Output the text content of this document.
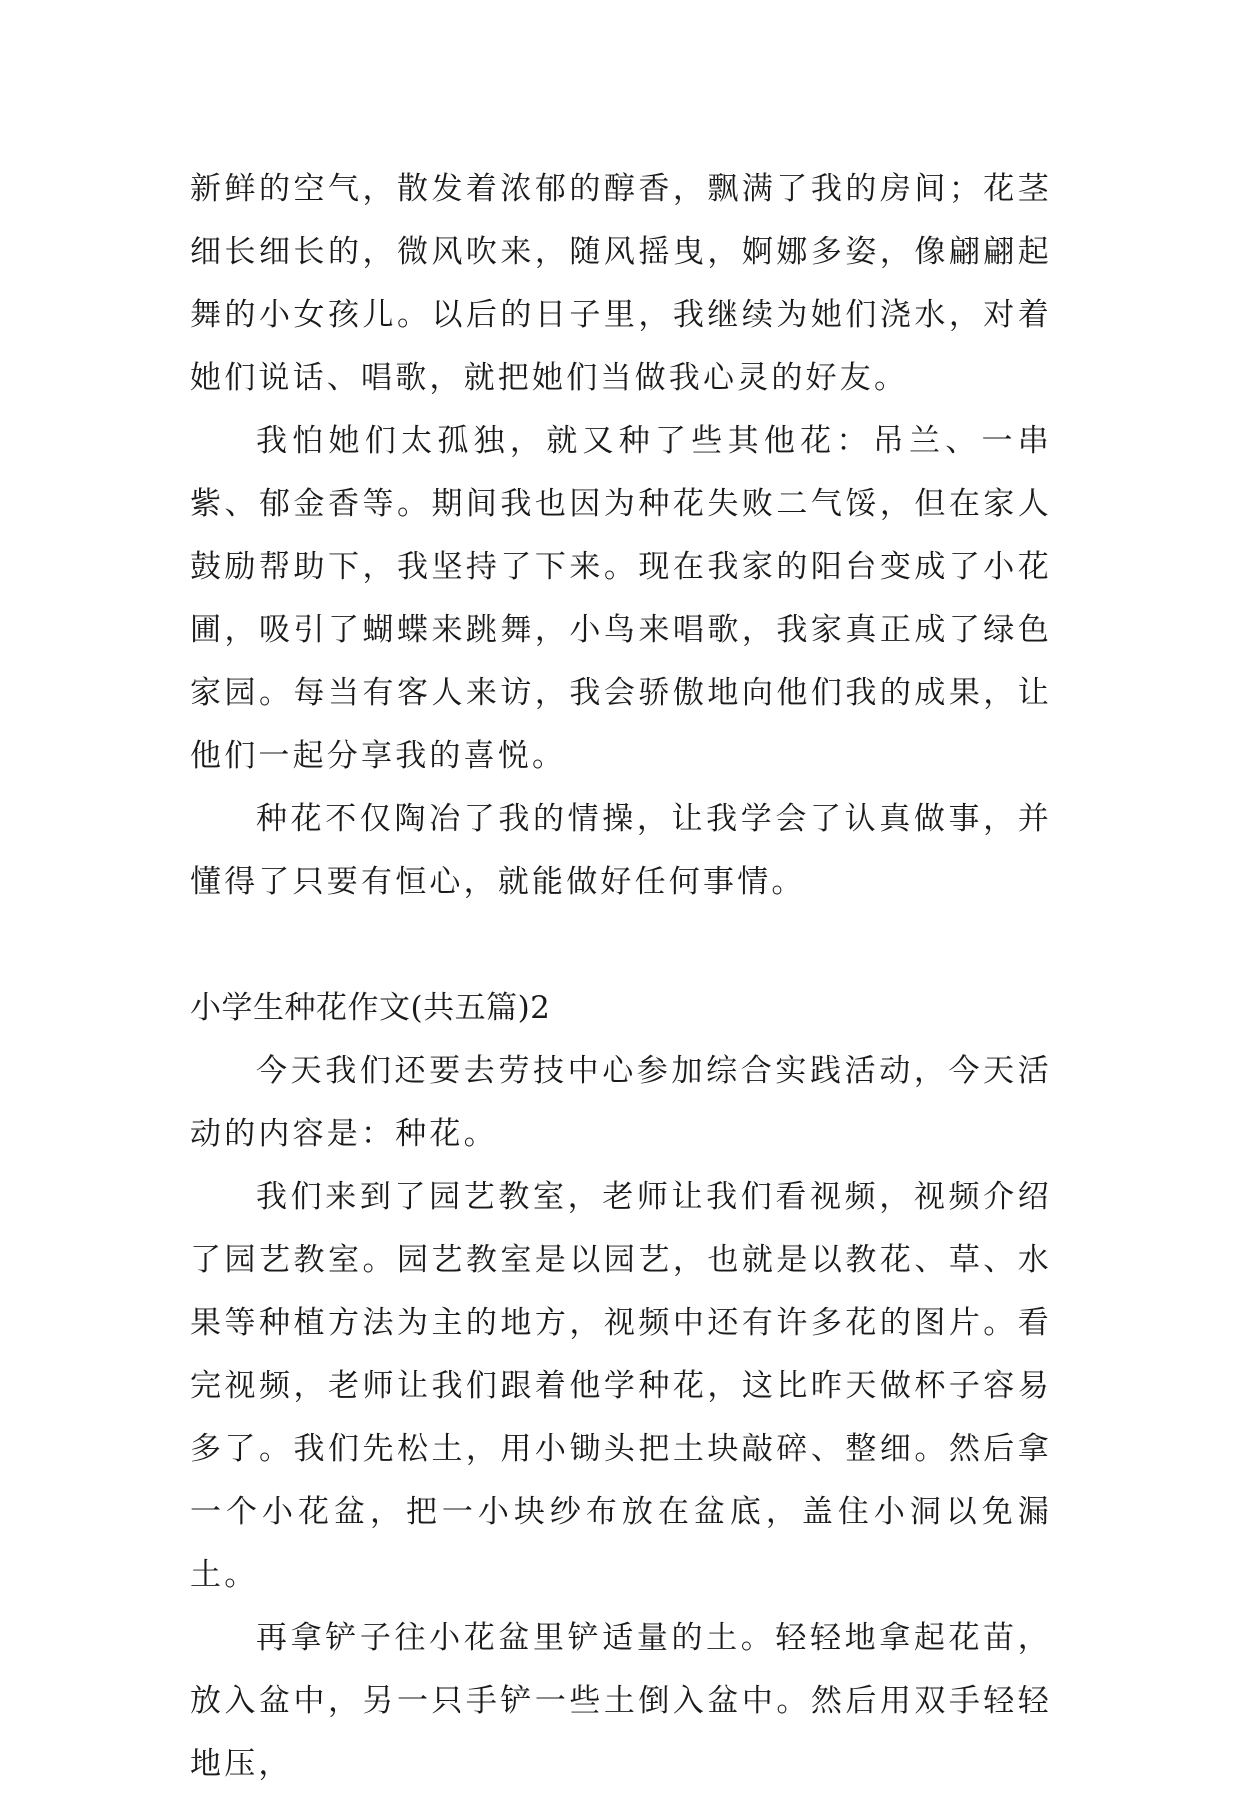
新鲜的空气，散发着浓郁的醇香，飘满了我的房间；花茎细长细长的，微风吹来，随风摇曳，婀娜多姿，像翩翩起舞的小女孩儿。以后的日子里，我继续为她们浇水，对着她们说话、唱歌，就把她们当做我心灵的好友。

我怕她们太孤独，就又种了些其他花：吊兰、一串紫、郁金香等。期间我也因为种花失败二气馁，但在家人鼓励帮助下，我坚持了下来。现在我家的阳台变成了小花圃，吸引了蝴蝶来跳舞，小鸟来唱歌，我家真正成了绿色家园。每当有客人来访，我会骄傲地向他们我的成果，让他们一起分享我的喜悦。

种花不仅陶冶了我的情操，让我学会了认真做事，并懂得了只要有恒心，就能做好任何事情。

小学生种花作文(共五篇)2

今天我们还要去劳技中心参加综合实践活动，今天活动的内容是：种花。

我们来到了园艺教室，老师让我们看视频，视频介绍了园艺教室。园艺教室是以园艺，也就是以教花、草、水果等种植方法为主的地方，视频中还有许多花的图片。看完视频，老师让我们跟着他学种花，这比昨天做杯子容易多了。我们先松土，用小锄头把土块敲碎、整细。然后拿一个小花盆，把一小块纱布放在盆底，盖住小洞以免漏土。

再拿铲子往小花盆里铲适量的土。轻轻地拿起花苗，放入盆中，另一只手铲一些土倒入盆中。然后用双手轻轻地压，
